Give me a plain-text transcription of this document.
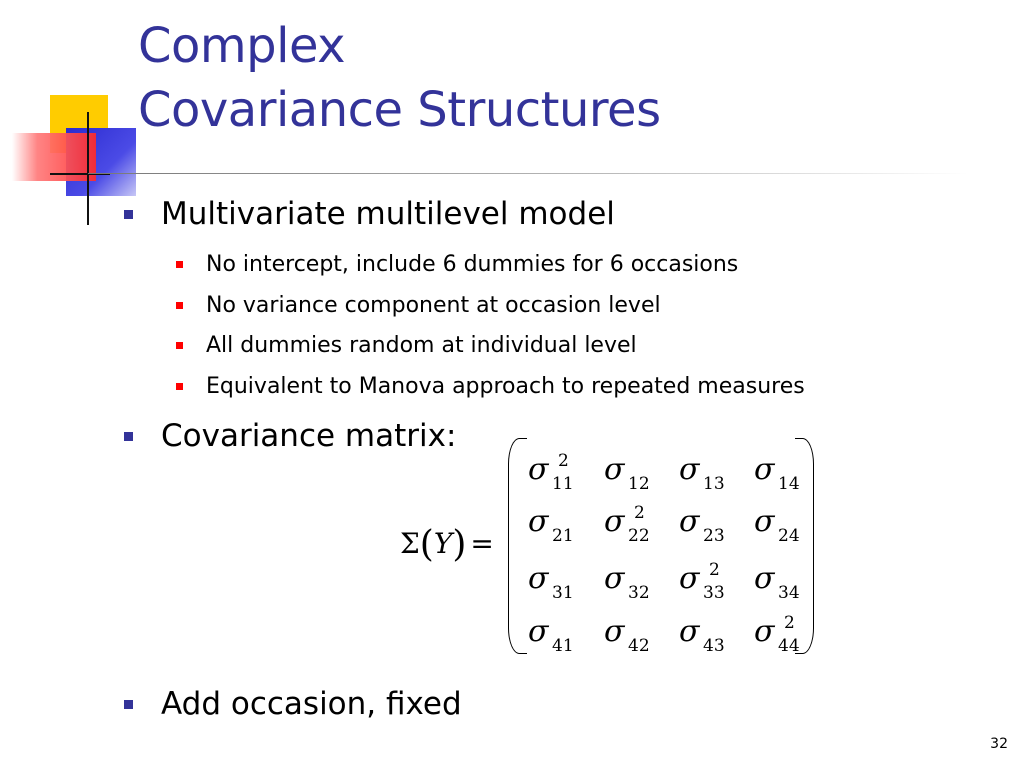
Complex
Covariance Structures
Multivariate multilevel model
No intercept, include 6 dummies for 6 occasions
No variance component at occasion level
All dummies random at individual level
Equivalent to Manova approach to repeated measures
Covariance matrix:
Σ(Y) =
σ 11
2 σ 12 σ 13 σ 14
σ 21 σ 22
2 σ 23 σ 24
σ 31 σ 32 σ 33
2 σ 34
σ 41 σ 42 σ 43 σ 44
2
Add occasion, fixed
32
